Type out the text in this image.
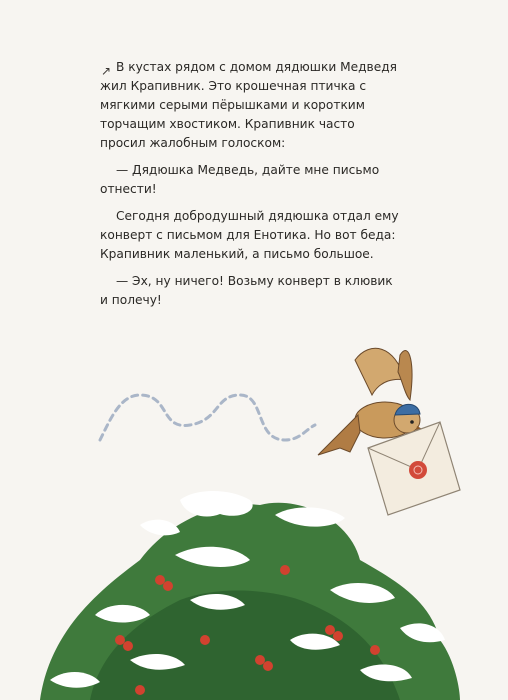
↗ В кустах рядом с домом дядюшки Медведя жил Крапивник. Это крошечная птичка с мягкими серыми пёрышками и коротким торчащим хвостиком. Крапивник часто просил жалобным голоском:

— Дядюшка Медведь, дайте мне письмо отнести!

Сегодня добродушный дядюшка отдал ему конверт с письмом для Енотика. Но вот беда: Крапивник маленький, а письмо большое.

— Эх, ну ничего! Возьму конверт в клювик и полечу!
